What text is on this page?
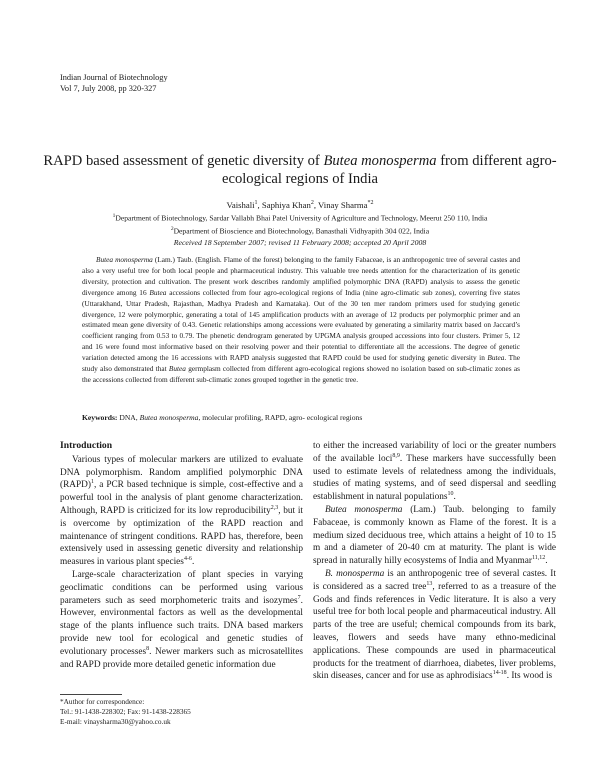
Indian Journal of Biotechnology
Vol 7, July 2008, pp 320-327
RAPD based assessment of genetic diversity of Butea monosperma from different agro-ecological regions of India
Vaishali$^1$, Saphiya Khan$^2$, Vinay Sharma$^{*2}$
$^1$Department of Biotechnology, Sardar Vallabh Bhai Patel University of Agriculture and Technology, Meerut 250 110, India
$^2$Department of Bioscience and Biotechnology, Banasthali Vidhyapith 304 022, India
Received 18 September 2007; revised 11 February 2008; accepted 20 April 2008

Butea monosperma (Lam.) Taub. (English. Flame of the forest) belonging to the family Fabaceae, is an anthropogenic tree of several castes and also a very useful tree for both local people and pharmaceutical industry. This valuable tree needs attention for the characterization of its genetic diversity, protection and cultivation. The present work describes randomly amplified polymorphic DNA (RAPD) analysis to assess the genetic divergence among 16 Butea accessions collected from four agro-ecological regions of India (nine agro-climatic sub zones), coverring five states (Uttarakhand, Uttar Pradesh, Rajasthan, Madhya Pradesh and Karnataka). Out of the 30 ten mer random primers used for studying genetic divergence, 12 were polymorphic, generating a total of 145 amplification products with an average of 12 products per polymorphic primer and an estimated mean gene diversity of 0.43. Genetic relationships among accessions were evaluated by generating a similarity matrix based on Jaccard’s coefficient ranging from 0.53 to 0.79. The phenetic dendrogram generated by UPGMA analysis grouped accessions into four clusters. Primer 5, 12 and 16 were found most informative based on their resolving power and their potential to differentiate all the accessions. The degree of genetic variation detected among the 16 accessions with RAPD analysis suggested that RAPD could be used for studying genetic diversity in Butea. The study also demonstrated that Butea germplasm collected from different agro-ecological regions showed no isolation based on sub-climatic zones as the accessions collected from different sub-climatic zones grouped together in the genetic tree.

Keywords: DNA, Butea monosperma, molecular profiling, RAPD, agro- ecological regions
Introduction

Various types of molecular markers are utilized to evaluate DNA polymorphism. Random amplified polymorphic DNA (RAPD)$^1$, a PCR based technique is simple, cost-effective and a powerful tool in the analysis of plant genome characterization. Although, RAPD is criticized for its low reproducibility$^{2,3}$, but it is overcome by optimization of the RAPD reaction and maintenance of stringent conditions. RAPD has, therefore, been extensively used in assessing genetic diversity and relationship measures in various plant species$^{4-6}$.

Large-scale characterization of plant species in varying geoclimatic conditions can be performed using various parameters such as seed morphometeric traits and isozymes$^7$. However, environmental factors as well as the developmental stage of the plants influence such traits. DNA based markers provide new tool for ecological and genetic studies of evolutionary processes$^8$. Newer markers such as microsatellites and RAPD provide more detailed genetic information due

to either the increased variability of loci or the greater numbers of the available loci$^{8,9}$. These markers have successfully been used to estimate levels of relatedness among the individuals, studies of mating systems, and of seed dispersal and seedling establishment in natural populations$^{10}$.

Butea monosperma (Lam.) Taub. belonging to family Fabaceae, is commonly known as Flame of the forest. It is a medium sized deciduous tree, which attains a height of 10 to 15 m and a diameter of 20-40 cm at maturity. The plant is wide spread in naturally hilly ecosystems of India and Myanmar$^{11,12}$.

B. monosperma is an anthropogenic tree of several castes. It is considered as a sacred tree$^{13}$, referred to as a treasure of the Gods and finds references in Vedic literature. It is also a very useful tree for both local people and pharmaceutical industry. All parts of the tree are useful; chemical compounds from its bark, leaves, flowers and seeds have many ethno-medicinal applications. These compounds are used in pharmaceutical products for the treatment of diarrhoea, diabetes, liver problems, skin diseases, cancer and for use as aphrodisiacs$^{14-18}$. Its wood is

*Author for correspondence:
Tel.: 91-1438-228302; Fax: 91-1438-228365
E-mail: vinaysharma30@yahoo.co.uk
